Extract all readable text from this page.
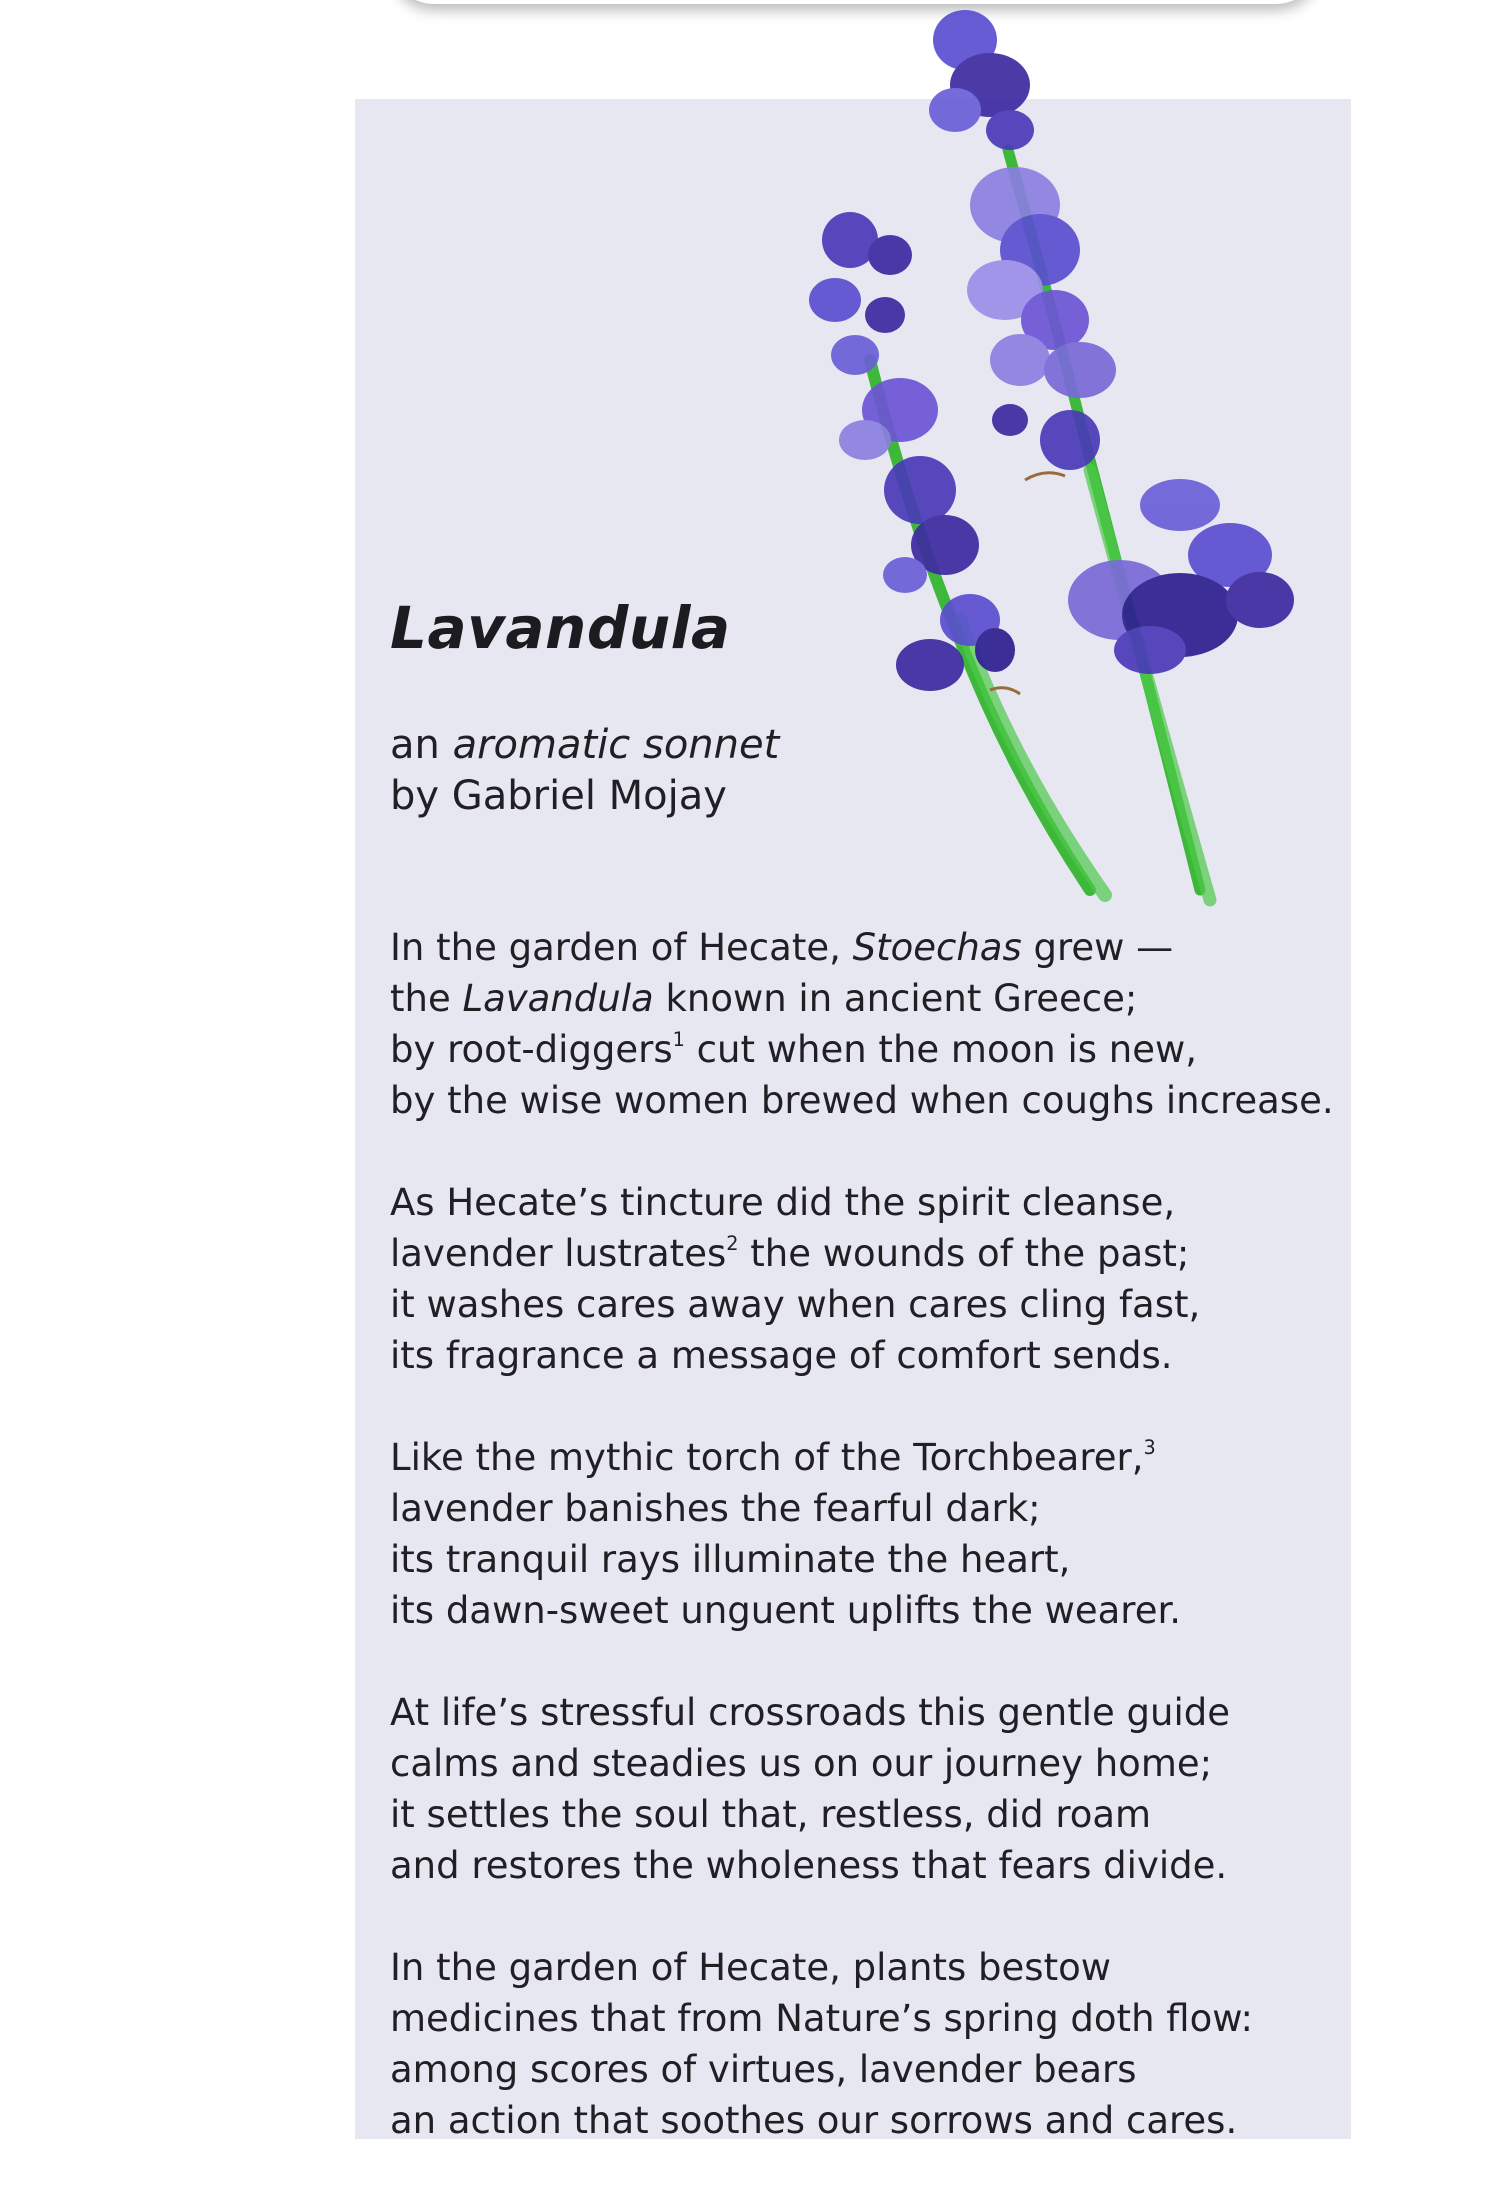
Lavandula
an aromatic sonnet
by Gabriel Mojay
In the garden of Hecate, Stoechas grew —
the Lavandula known in ancient Greece;
by root-diggers$^1$ cut when the moon is new,
by the wise women brewed when coughs increase.
As Hecate’s tincture did the spirit cleanse,
lavender lustrates$^2$ the wounds of the past;
it washes cares away when cares cling fast,
its fragrance a message of comfort sends.
Like the mythic torch of the Torchbearer,$^3$
lavender banishes the fearful dark;
its tranquil rays illuminate the heart,
its dawn-sweet unguent uplifts the wearer.
At life’s stressful crossroads this gentle guide
calms and steadies us on our journey home;
it settles the soul that, restless, did roam
and restores the wholeness that fears divide.
In the garden of Hecate, plants bestow
medicines that from Nature’s spring doth flow:
among scores of virtues, lavender bears
an action that soothes our sorrows and cares.
